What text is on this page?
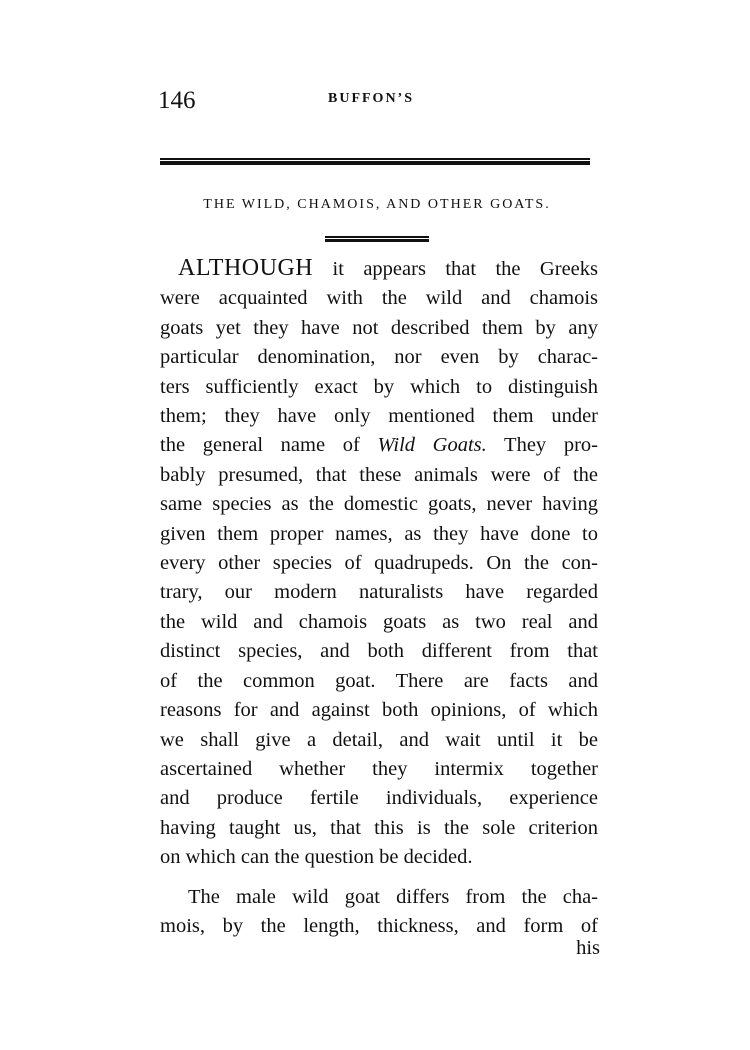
146	BUFFON’S
THE WILD, CHAMOIS, AND OTHER GOATS.
ALTHOUGH it appears that the Greeks
were acquainted with the wild and chamois
goats yet they have not described them by any
particular denomination, nor even by charac-
ters sufficiently exact by which to distinguish
them; they have only mentioned them under
the general name of Wild Goats. They pro-
bably presumed, that these animals were of the
same species as the domestic goats, never having
given them proper names, as they have done to
every other species of quadrupeds. On the con-
trary, our modern naturalists have regarded
the wild and chamois goats as two real and
distinct species, and both different from that
of the common goat. There are facts and
reasons for and against both opinions, of which
we shall give a detail, and wait until it be
ascertained whether they intermix together
and produce fertile individuals, experience
having taught us, that this is the sole criterion
on which can the question be decided.
The male wild goat differs from the cha-
mois, by the length, thickness, and form of
his
